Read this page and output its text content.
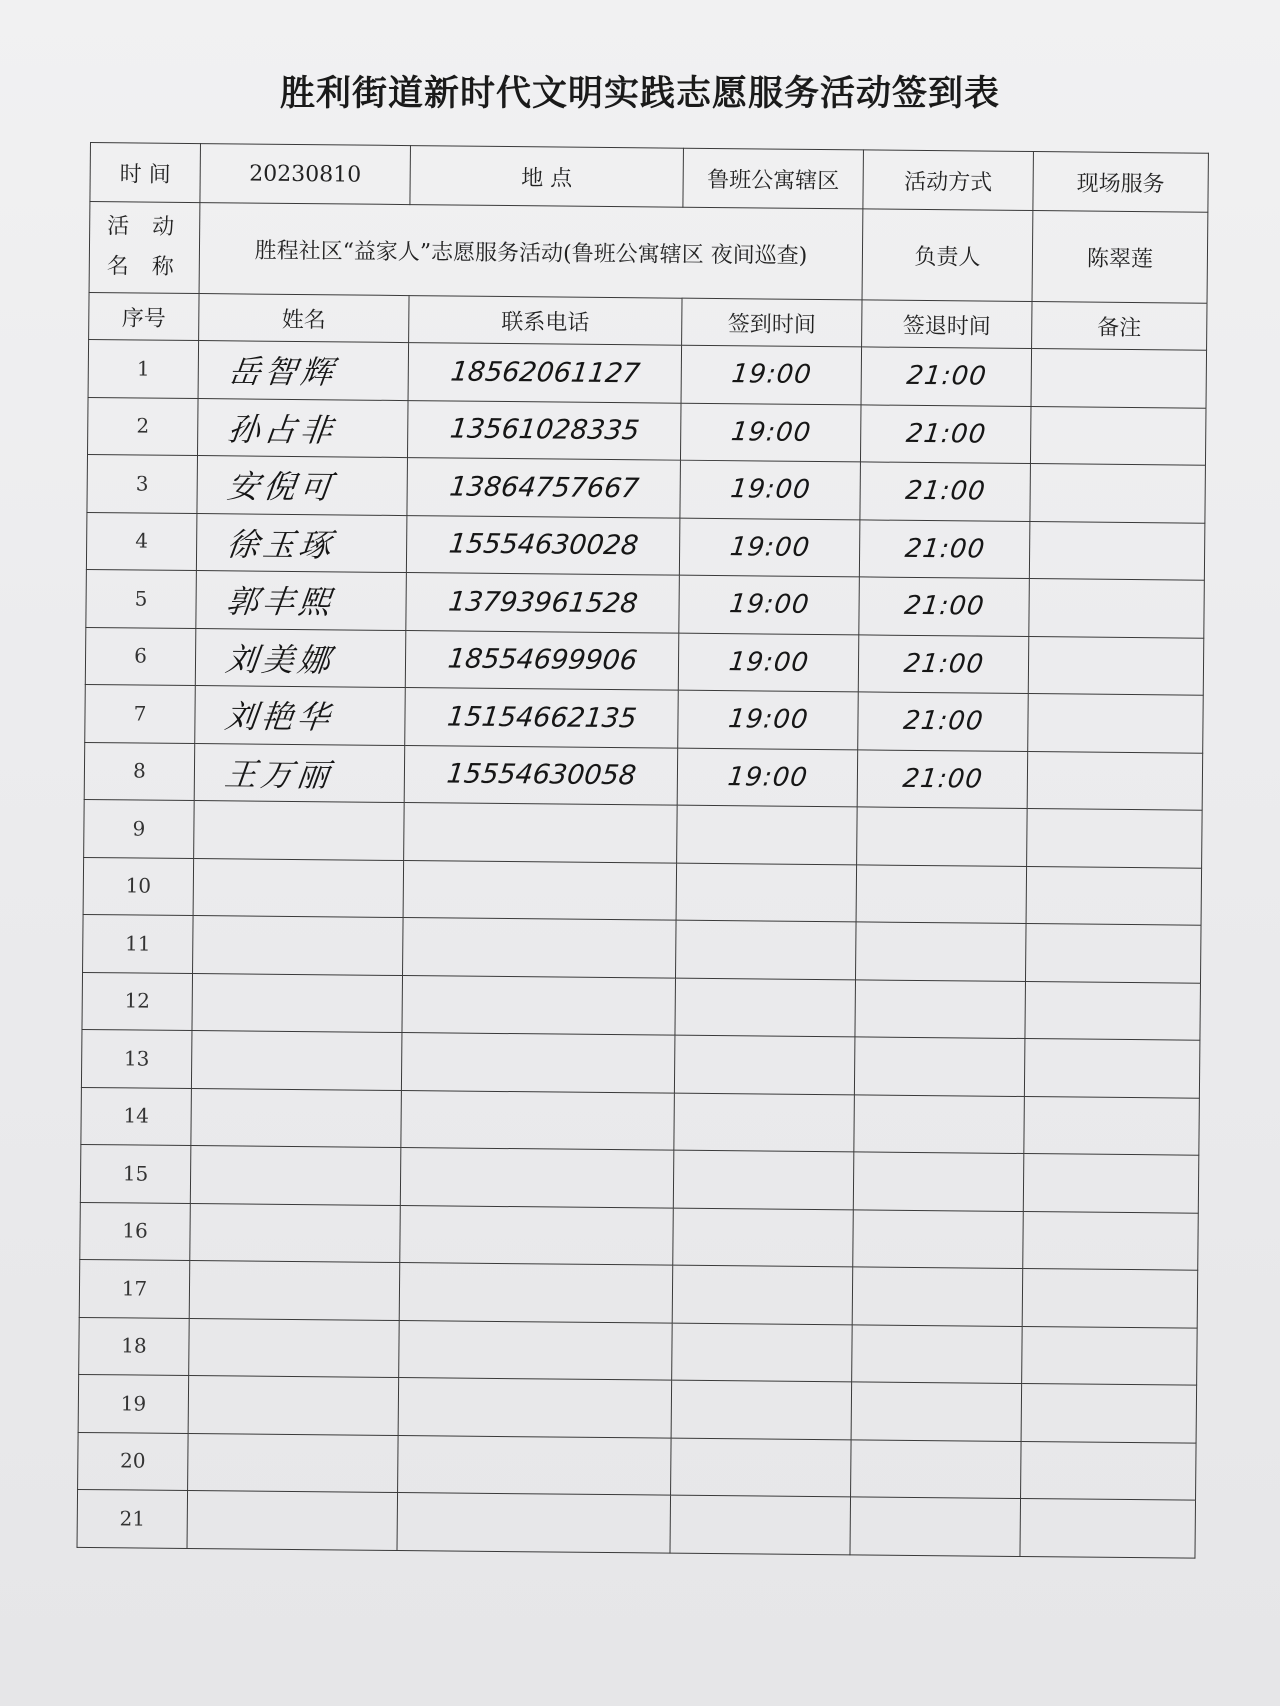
胜利街道新时代文明实践志愿服务活动签到表
时 间	20230810	地 点	鲁班公寓辖区	活动方式	现场服务

活 动
名 称	胜程社区“益家人”志愿服务活动(鲁班公寓辖区 夜间巡查)			负责人	陈翠莲
序号	姓名	联系电话	签到时间	签退时间	备注
1	岳智辉	18562061127	19:00	21:00	
2	孙占非	13561028335	19:00	21:00	
3	安倪可	13864757667	19:00	21:00	
4	徐玉琢	15554630028	19:00	21:00	
5	郭丰熙	13793961528	19:00	21:00	
6	刘美娜	18554699906	19:00	21:00	
7	刘艳华	15154662135	19:00	21:00	
8	王万丽	15554630058	19:00	21:00	
9					
10					
11					
12					
13					
14					
15					
16					
17					
18					
19					
20					
21					
